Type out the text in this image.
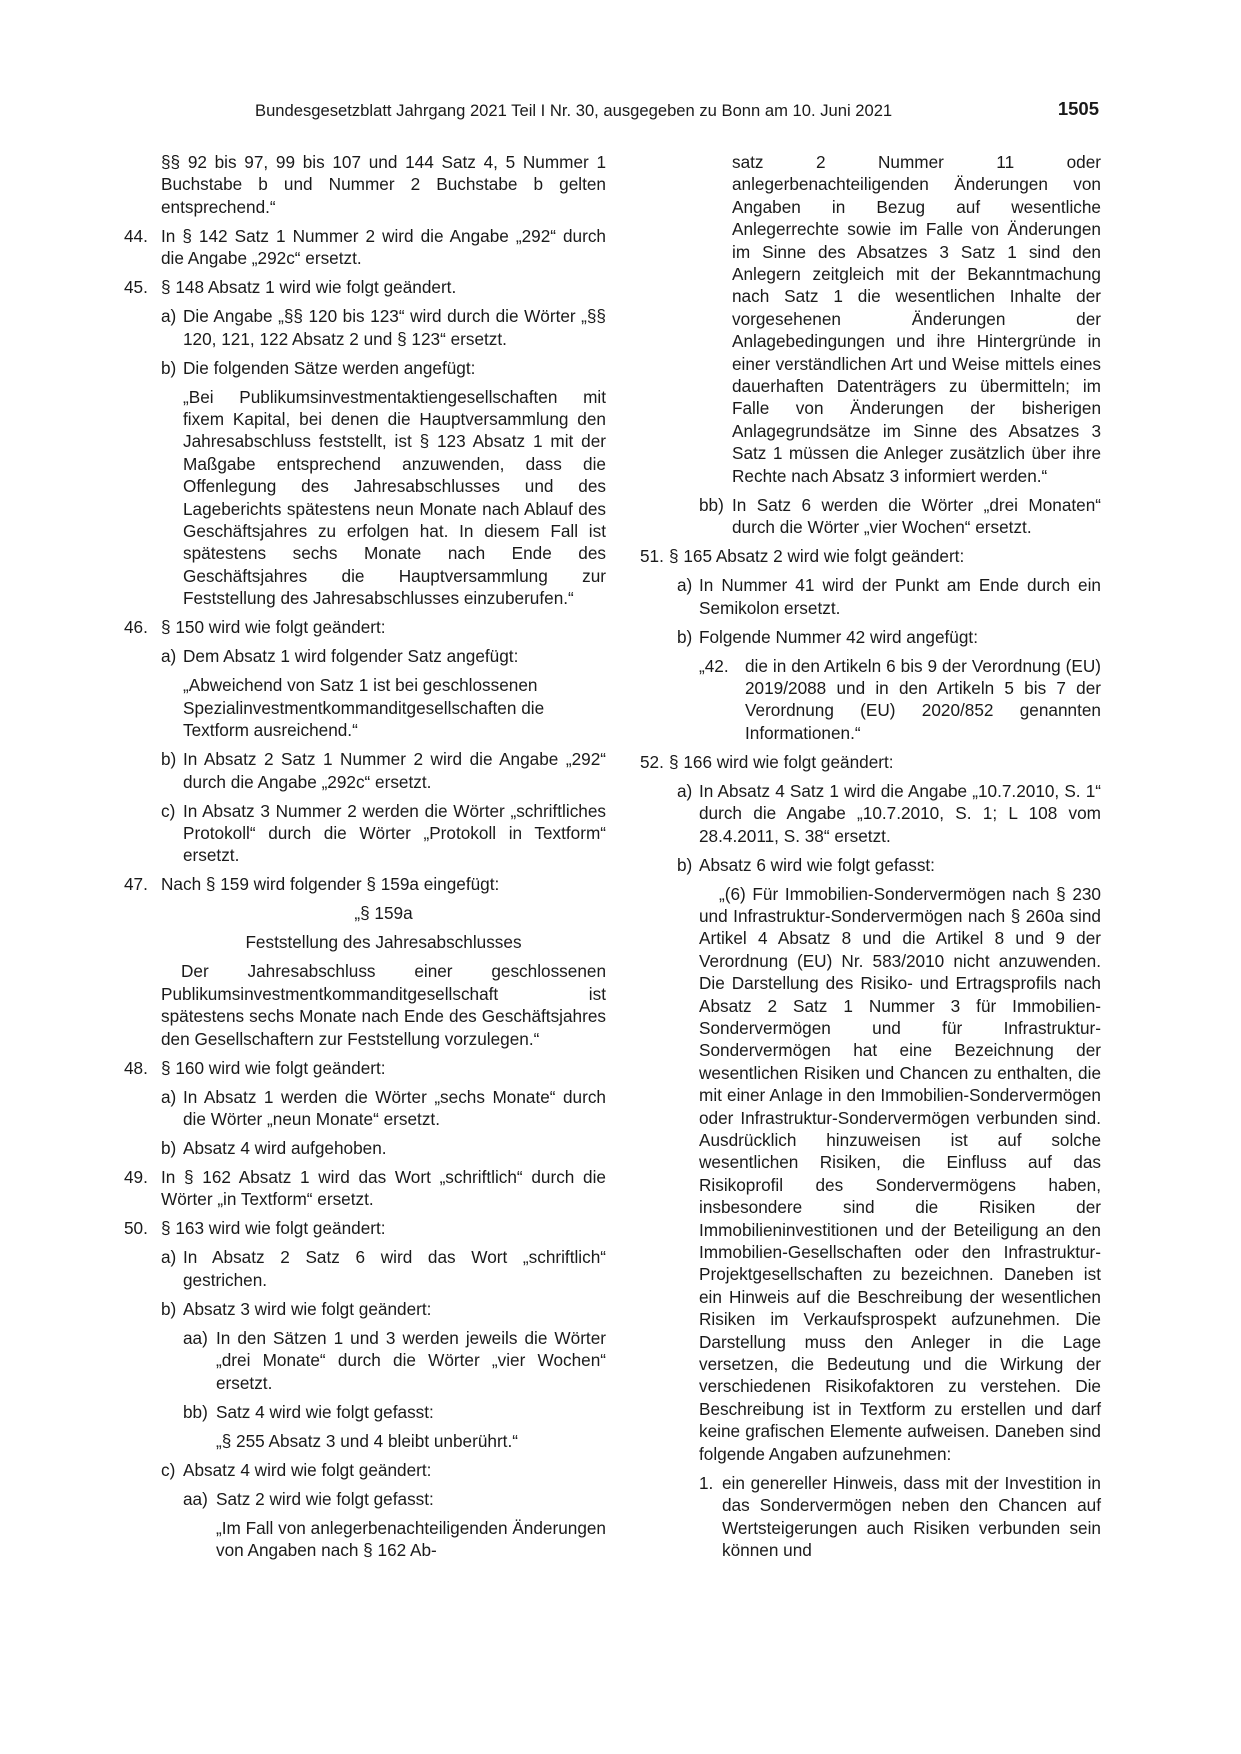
Bundesgesetzblatt Jahrgang 2021 Teil I Nr. 30, ausgegeben zu Bonn am 10. Juni 2021	1505

§§ 92 bis 97, 99 bis 107 und 144 Satz 4, 5 Nummer 1 Buchstabe b und Nummer 2 Buchstabe b gelten entsprechend.“

44. In § 142 Satz 1 Nummer 2 wird die Angabe „292“ durch die Angabe „292c“ ersetzt.

45. § 148 Absatz 1 wird wie folgt geändert.

a) Die Angabe „§§ 120 bis 123“ wird durch die Wörter „§§ 120, 121, 122 Absatz 2 und § 123“ ersetzt.

b) Die folgenden Sätze werden angefügt:

„Bei Publikumsinvestmentaktiengesellschaften mit fixem Kapital, bei denen die Hauptversammlung den Jahresabschluss feststellt, ist § 123 Absatz 1 mit der Maßgabe entsprechend anzuwenden, dass die Offenlegung des Jahresabschlusses und des Lageberichts spätestens neun Monate nach Ablauf des Geschäftsjahres zu erfolgen hat. In diesem Fall ist spätestens sechs Monate nach Ende des Geschäftsjahres die Hauptversammlung zur Feststellung des Jahresabschlusses einzuberufen.“

46. § 150 wird wie folgt geändert:

a) Dem Absatz 1 wird folgender Satz angefügt:

„Abweichend von Satz 1 ist bei geschlossenen Spezialinvestmentkommanditgesellschaften die Textform ausreichend.“

b) In Absatz 2 Satz 1 Nummer 2 wird die Angabe „292“ durch die Angabe „292c“ ersetzt.

c) In Absatz 3 Nummer 2 werden die Wörter „schriftliches Protokoll“ durch die Wörter „Protokoll in Textform“ ersetzt.

47. Nach § 159 wird folgender § 159a eingefügt:

„§ 159a

Feststellung des Jahresabschlusses

Der Jahresabschluss einer geschlossenen Publikumsinvestmentkommanditgesellschaft ist spätestens sechs Monate nach Ende des Geschäftsjahres den Gesellschaftern zur Feststellung vorzulegen.“

48. § 160 wird wie folgt geändert:

a) In Absatz 1 werden die Wörter „sechs Monate“ durch die Wörter „neun Monate“ ersetzt.

b) Absatz 4 wird aufgehoben.

49. In § 162 Absatz 1 wird das Wort „schriftlich“ durch die Wörter „in Textform“ ersetzt.

50. § 163 wird wie folgt geändert:

a) In Absatz 2 Satz 6 wird das Wort „schriftlich“ gestrichen.

b) Absatz 3 wird wie folgt geändert:

aa) In den Sätzen 1 und 3 werden jeweils die Wörter „drei Monate“ durch die Wörter „vier Wochen“ ersetzt.

bb) Satz 4 wird wie folgt gefasst:

„§ 255 Absatz 3 und 4 bleibt unberührt.“

c) Absatz 4 wird wie folgt geändert:

aa) Satz 2 wird wie folgt gefasst:

„Im Fall von anlegerbenachteiligenden Änderungen von Angaben nach § 162 Ab-

satz 2 Nummer 11 oder anlegerbenachteiligenden Änderungen von Angaben in Bezug auf wesentliche Anlegerrechte sowie im Falle von Änderungen im Sinne des Absatzes 3 Satz 1 sind den Anlegern zeitgleich mit der Bekanntmachung nach Satz 1 die wesentlichen Inhalte der vorgesehenen Änderungen der Anlagebedingungen und ihre Hintergründe in einer verständlichen Art und Weise mittels eines dauerhaften Datenträgers zu übermitteln; im Falle von Änderungen der bisherigen Anlagegrundsätze im Sinne des Absatzes 3 Satz 1 müssen die Anleger zusätzlich über ihre Rechte nach Absatz 3 informiert werden.“

bb) In Satz 6 werden die Wörter „drei Monaten“ durch die Wörter „vier Wochen“ ersetzt.

51. § 165 Absatz 2 wird wie folgt geändert:

a) In Nummer 41 wird der Punkt am Ende durch ein Semikolon ersetzt.

b) Folgende Nummer 42 wird angefügt:

„42. die in den Artikeln 6 bis 9 der Verordnung (EU) 2019/2088 und in den Artikeln 5 bis 7 der Verordnung (EU) 2020/852 genannten Informationen.“

52. § 166 wird wie folgt geändert:

a) In Absatz 4 Satz 1 wird die Angabe „10.7.2010, S. 1“ durch die Angabe „10.7.2010, S. 1; L 108 vom 28.4.2011, S. 38“ ersetzt.

b) Absatz 6 wird wie folgt gefasst:

„(6) Für Immobilien-Sondervermögen nach § 230 und Infrastruktur-Sondervermögen nach § 260a sind Artikel 4 Absatz 8 und die Artikel 8 und 9 der Verordnung (EU) Nr. 583/2010 nicht anzuwenden. Die Darstellung des Risiko- und Ertragsprofils nach Absatz 2 Satz 1 Nummer 3 für Immobilien-Sondervermögen und für Infrastruktur-Sondervermögen hat eine Bezeichnung der wesentlichen Risiken und Chancen zu enthalten, die mit einer Anlage in den Immobilien-Sondervermögen oder Infrastruktur-Sondervermögen verbunden sind. Ausdrücklich hinzuweisen ist auf solche wesentlichen Risiken, die Einfluss auf das Risikoprofil des Sondervermögens haben, insbesondere sind die Risiken der Immobilieninvestitionen und der Beteiligung an den Immobilien-Gesellschaften oder den Infrastruktur-Projektgesellschaften zu bezeichnen. Daneben ist ein Hinweis auf die Beschreibung der wesentlichen Risiken im Verkaufsprospekt aufzunehmen. Die Darstellung muss den Anleger in die Lage versetzen, die Bedeutung und die Wirkung der verschiedenen Risikofaktoren zu verstehen. Die Beschreibung ist in Textform zu erstellen und darf keine grafischen Elemente aufweisen. Daneben sind folgende Angaben aufzunehmen:

1. ein genereller Hinweis, dass mit der Investition in das Sondervermögen neben den Chancen auf Wertsteigerungen auch Risiken verbunden sein können und
